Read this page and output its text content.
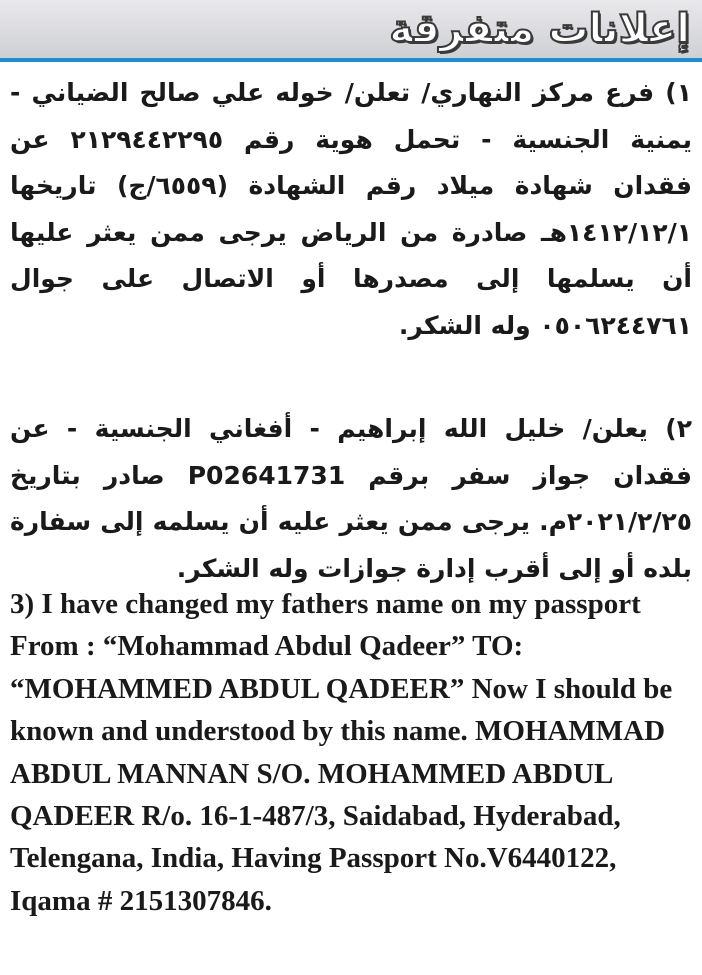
إعلانات متفرقة
١) فرع مركز النهاري/ تعلن/ خوله علي صالح الضياني - يمنية الجنسية - تحمل هوية رقم ٢١٢٩٤٤٢٢٩٥ عن فقدان شهادة ميلاد رقم الشهادة (٦٥٥٩/ج) تاريخها ١٤١٢/١٢/١هـ صادرة من الرياض يرجى ممن يعثر عليها أن يسلمها إلى مصدرها أو الاتصال على جوال ٠٥٠٦٢٤٤٧٦١ وله الشكر.
٢) يعلن/ خليل الله إبراهيم - أفغاني الجنسية - عن فقدان جواز سفر برقم P02641731 صادر بتاريخ ٢٠٢١/٢/٢٥م. يرجى ممن يعثر عليه أن يسلمه إلى سفارة بلده أو إلى أقرب إدارة جوازات وله الشكر.
3) I have changed my fathers name on my passport From : “Mohammad Abdul Qadeer” TO: “MOHAMMED ABDUL QADEER” Now I should be known and understood by this name. MOHAMMAD ABDUL MANNAN S/O. MOHAMMED ABDUL QADEER R/o. 16-1-487/3, Saidabad, Hyderabad, Telengana, India, Having Passport No.V6440122, Iqama # 2151307846.
